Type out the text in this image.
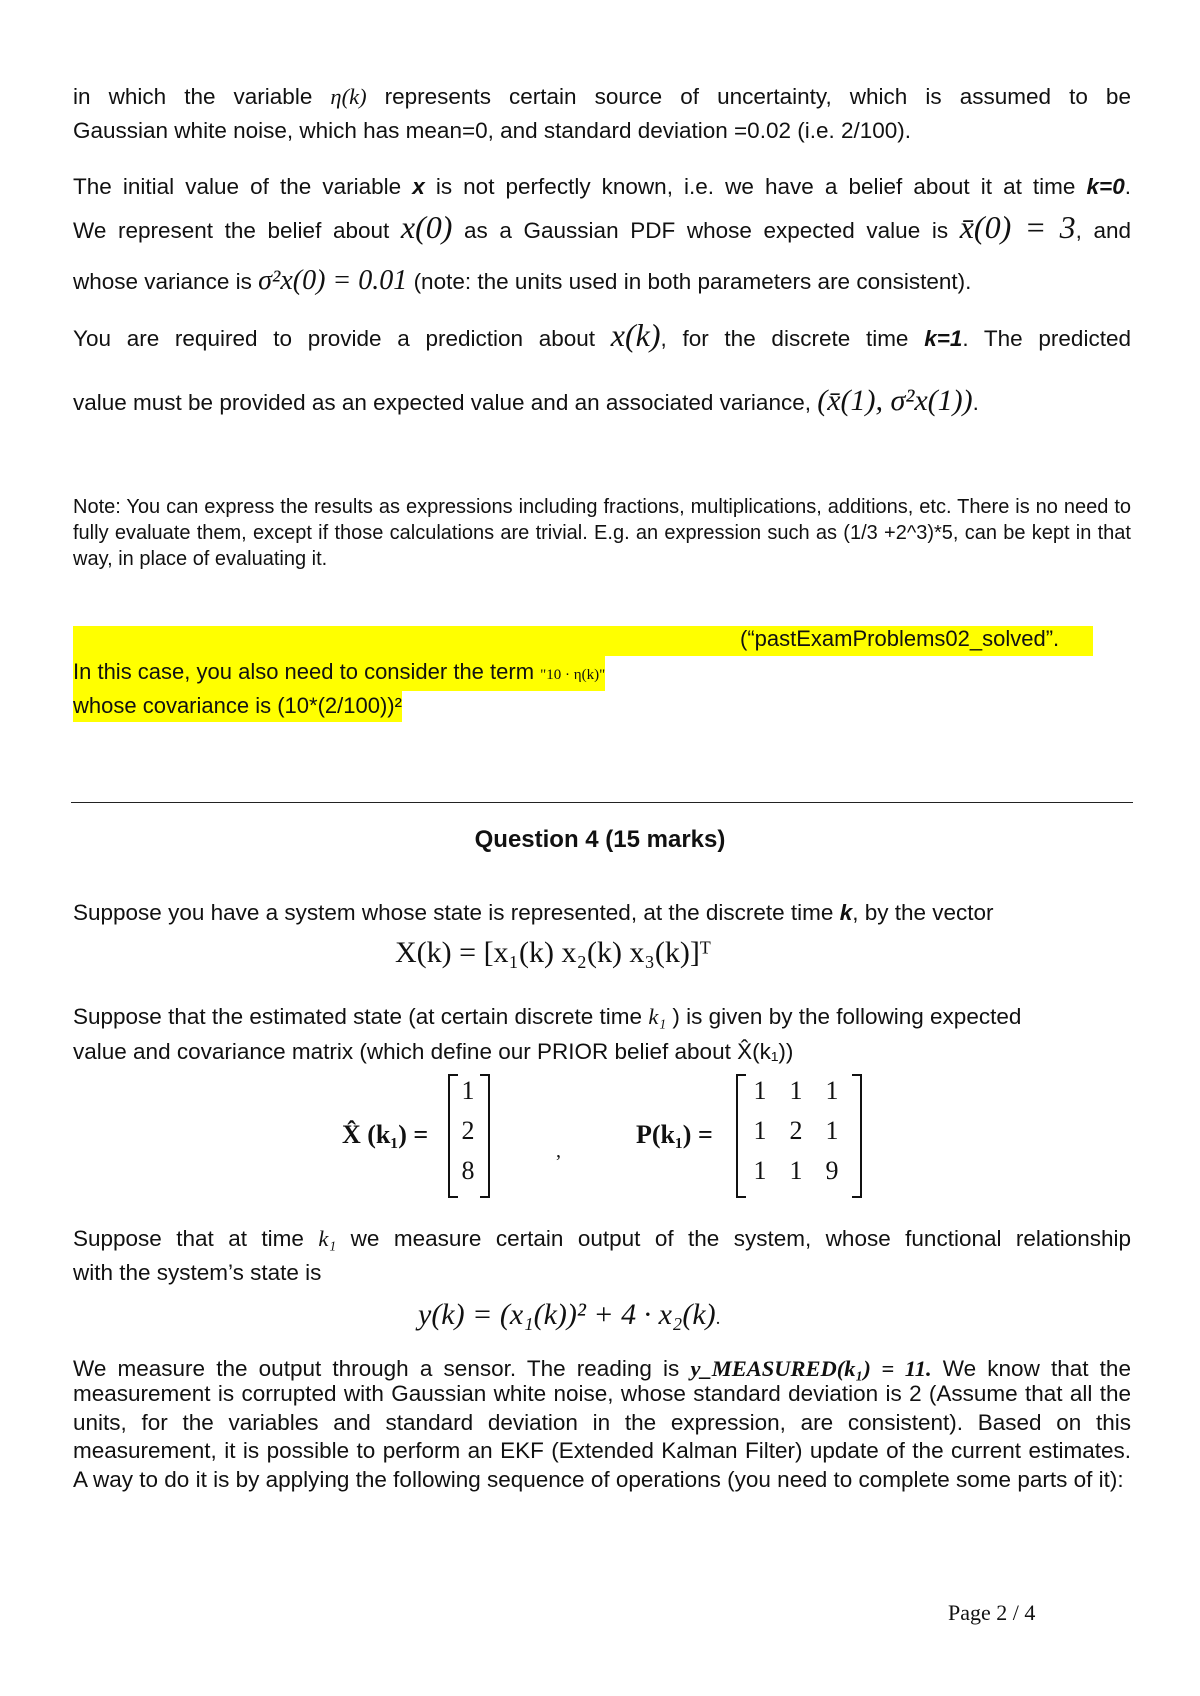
in which the variable η(k) represents certain source of uncertainty, which is assumed to be

Gaussian white noise, which has mean=0, and standard deviation =0.02 (i.e. 2/100).

The initial value of the variable x is not perfectly known, i.e. we have a belief about it at time k=0.

We represent the belief about x(0) as a Gaussian PDF whose expected value is x̄(0) = 3, and

whose variance is σ²x(0) = 0.01 (note: the units used in both parameters are consistent).

You are required to provide a prediction about x(k), for the discrete time k=1. The predicted

value must be provided as an expected value and an associated variance, (x̄(1), σ²x(1)).

Note: You can express the results as expressions including fractions, multiplications, additions, etc. There is no need to fully evaluate them, except if those calculations are trivial. E.g. an expression such as (1/3 +2^3)*5, can be kept in that way, in place of evaluating it.
(“pastExamProblems02_solved”.
In this case, you also need to consider the term "10 · η(k)"
whose covariance is (10*(2/100))²
Question 4 (15 marks)

Suppose you have a system whose state is represented, at the discrete time k, by the vector

X(k) = [x₁(k) x₂(k) x₃(k)]ᵀ

Suppose that the estimated state (at certain discrete time k₁ ) is given by the following expected

value and covariance matrix (which define our PRIOR belief about X̂(k₁))

X̂ (k₁) =
1
2
8
,
P(k₁) =
1 1 1
1 2 1
1 1 9

Suppose that at time k₁ we measure certain output of the system, whose functional relationship

with the system’s state is

y(k) = (x₁(k))² + 4 · x₂(k).

We measure the output through a sensor. The reading is y_MEASURED(k₁) = 11. We know that the

measurement is corrupted with Gaussian white noise, whose standard deviation is 2 (Assume that all the units, for the variables and standard deviation in the expression, are consistent). Based on this measurement, it is possible to perform an EKF (Extended Kalman Filter) update of the current estimates. A way to do it is by applying the following sequence of operations (you need to complete some parts of it):

Page 2 / 4
